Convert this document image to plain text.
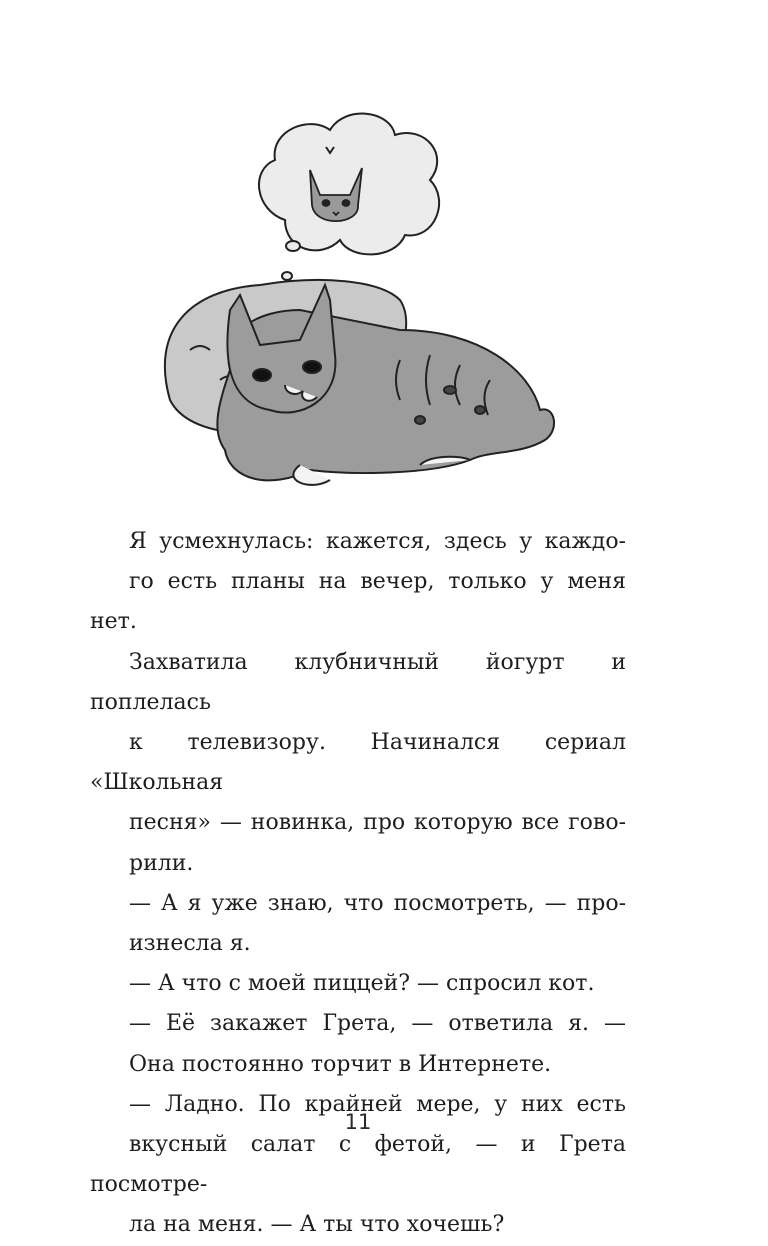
Я усмехнулась: кажется, здесь у каждо-
го есть планы на вечер, только у меня нет.
Захватила клубничный йогурт и поплелась
к телевизору. Начинался сериал «Школьная
песня» — новинка, про которую все гово-
рили.

— А я уже знаю, что посмотреть, — про-
изнесла я.

— А что с моей пиццей? — спросил кот.

— Её закажет Грета, — ответила я. —
Она постоянно торчит в Интернете.

— Ладно. По крайней мере, у них есть
вкусный салат с фетой, — и Грета посмотре-
ла на меня. — А ты что хочешь?

11
